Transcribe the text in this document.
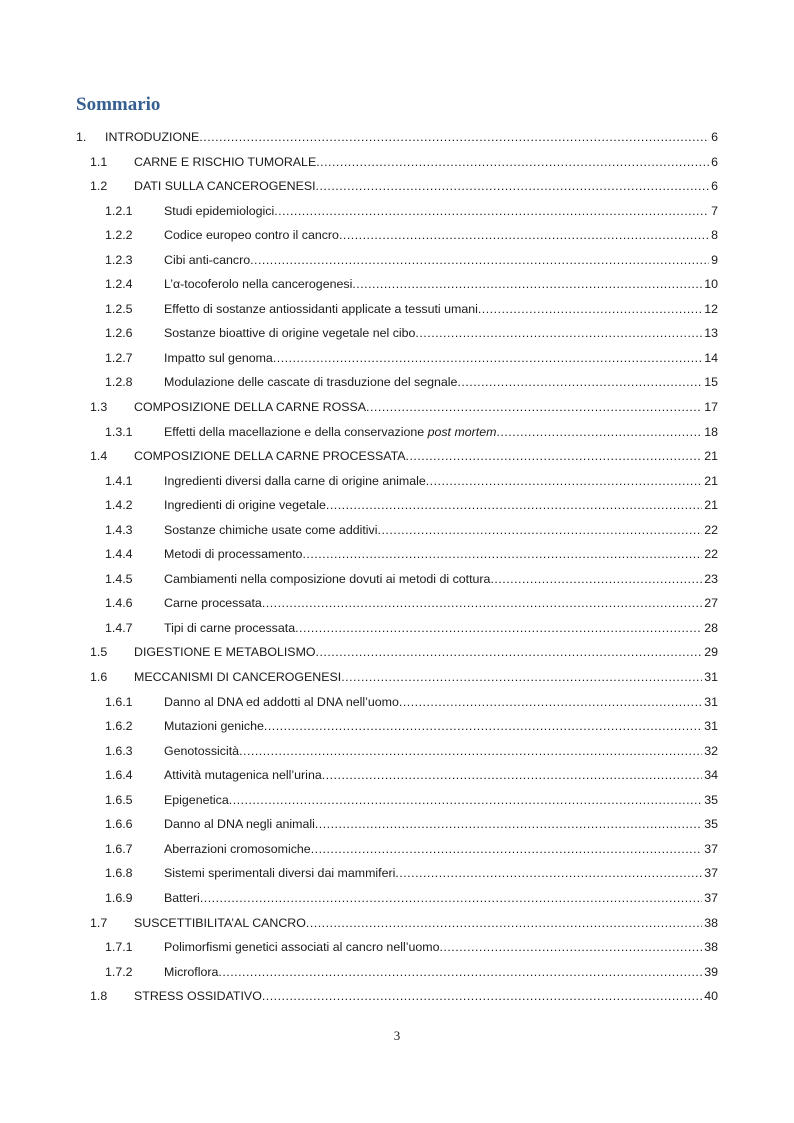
Sommario
1. INTRODUZIONE .....	6
1.1 CARNE E RISCHIO TUMORALE .....	6
1.2 DATI SULLA CANCEROGENESI .....	6
1.2.1	Studi epidemiologici .....	7
1.2.2	Codice europeo contro il cancro .....	8
1.2.3	Cibi anti-cancro .....	9
1.2.4	L’α-tocoferolo nella cancerogenesi .....	10
1.2.5	Effetto di sostanze antiossidanti applicate a tessuti umani .....	12
1.2.6	Sostanze bioattive di origine vegetale nel cibo .....	13
1.2.7	Impatto sul genoma .....	14
1.2.8	Modulazione delle cascate di trasduzione del segnale .....	15
1.3 COMPOSIZIONE DELLA CARNE ROSSA .....	17
1.3.1	Effetti della macellazione e della conservazione post mortem .....	18
1.4 COMPOSIZIONE DELLA CARNE PROCESSATA .....	21
1.4.1	Ingredienti diversi dalla carne di origine animale .....	21
1.4.2	Ingredienti di origine vegetale .....	21
1.4.3	Sostanze chimiche usate come additivi .....	22
1.4.4	Metodi di processamento .....	22
1.4.5	Cambiamenti nella composizione dovuti ai metodi di cottura .....	23
1.4.6	Carne processata .....	27
1.4.7	Tipi di carne processata .....	28
1.5 DIGESTIONE E METABOLISMO .....	29
1.6 MECCANISMI DI CANCEROGENESI .....	31
1.6.1	Danno al DNA ed addotti al DNA nell’uomo .....	31
1.6.2	Mutazioni geniche .....	31
1.6.3	Genotossicità .....	32
1.6.4	Attività mutagenica nell’urina .....	34
1.6.5	Epigenetica .....	35
1.6.6	Danno al DNA negli animali .....	35
1.6.7	Aberrazioni cromosomiche .....	37
1.6.8	Sistemi sperimentali diversi dai mammiferi .....	37
1.6.9	Batteri .....	37
1.7 SUSCETTIBILITA’AL CANCRO .....	38
1.7.1	Polimorfismi genetici associati al cancro nell’uomo .....	38
1.7.2	Microflora .....	39
1.8 STRESS OSSIDATIVO .....	40
3
